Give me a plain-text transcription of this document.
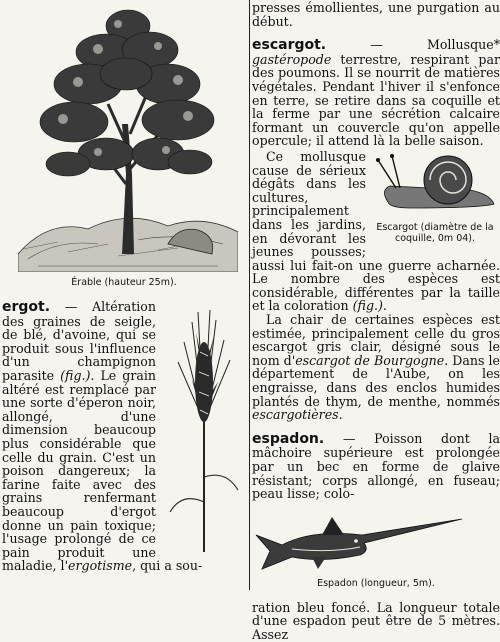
Érable (hauteur 25m).

ergot. — Altération des graines de seigle, de blé, d'avoine, qui se produit sous l'influence d'un champignon parasite (fig.). Le grain altéré est remplacé par une sorte d'éperon noir, allongé, d'une dimension beaucoup plus considérable que celle du grain. C'est un poison dangereux; la farine faite avec des grains renfermant beaucoup d'ergot donne un pain toxique; l'usage prolongé de ce pain produit une maladie, l'ergotisme, qui a sou-

presses émollientes, une purgation au début.

escargot. — Mollusque* gastéropode terrestre, respirant par des poumons. Il se nourrit de matières végétales. Pendant l'hiver il s'enfonce en terre, se retire dans sa coquille et la ferme par une sécrétion calcaire formant un couvercle qu'on appelle opercule; il attend là la belle saison.

Escargot (diamètre de la coquille, 0m 04).

Ce mollusque cause de sérieux dégâts dans les cultures, principalement dans les jardins, en dévorant les jeunes pousses; aussi lui fait-on une guerre acharnée. Le nombre des espèces est considérable, différentes par la taille et la coloration (fig.).

La chair de certaines espèces est estimée, principalement celle du gros escargot gris clair, désigné sous le nom d'escargot de Bourgogne. Dans le département de l'Aube, on les engraisse, dans des enclos humides plantés de thym, de menthe, nommés escargotières.

espadon. — Poisson dont la mâchoire supérieure est prolongée par un bec en forme de glaive résistant; corps allongé, en fuseau; peau lisse; colo-

Espadon (longueur, 5m).

ration bleu foncé. La longueur totale d'une espadon peut être de 5 mètres. Assez
